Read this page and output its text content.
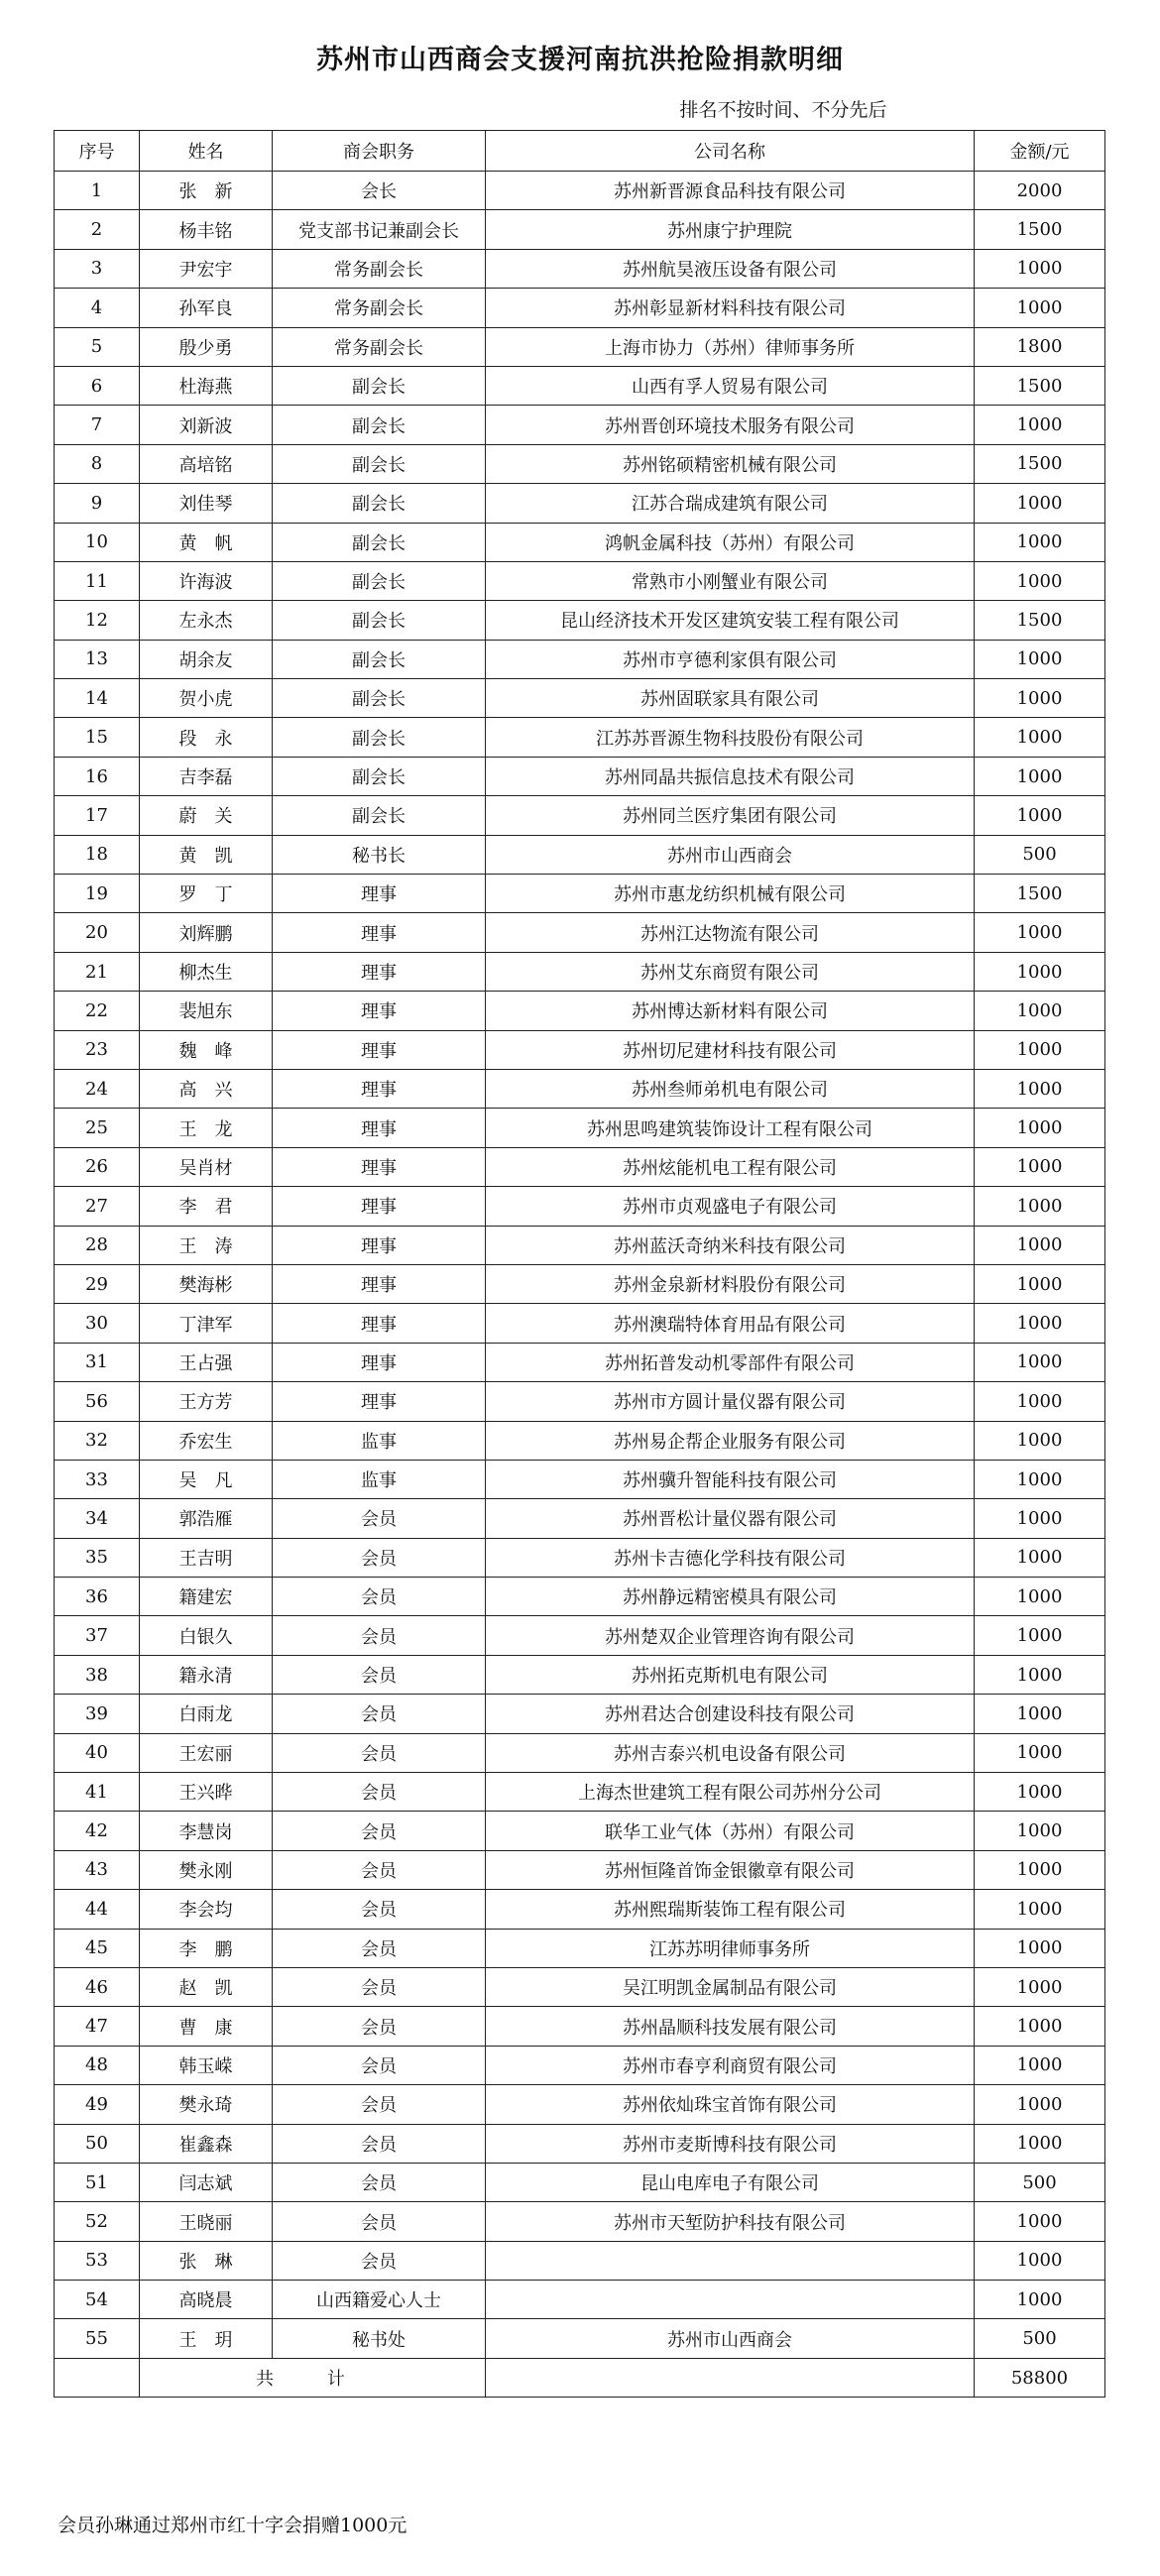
苏州市山西商会支援河南抗洪抢险捐款明细
排名不按时间、不分先后
序号	姓名	商会职务	公司名称	金额/元
1	张　新	会长	苏州新晋源食品科技有限公司	2000
2	杨丰铭	党支部书记兼副会长	苏州康宁护理院	1500
3	尹宏宇	常务副会长	苏州航昊液压设备有限公司	1000
4	孙军良	常务副会长	苏州彰显新材料科技有限公司	1000
5	殷少勇	常务副会长	上海市协力（苏州）律师事务所	1800
6	杜海燕	副会长	山西有孚人贸易有限公司	1500
7	刘新波	副会长	苏州晋创环境技术服务有限公司	1000
8	高培铭	副会长	苏州铭硕精密机械有限公司	1500
9	刘佳琴	副会长	江苏合瑞成建筑有限公司	1000
10	黄　帆	副会长	鸿帆金属科技（苏州）有限公司	1000
11	许海波	副会长	常熟市小刚蟹业有限公司	1000
12	左永杰	副会长	昆山经济技术开发区建筑安装工程有限公司	1500
13	胡余友	副会长	苏州市亨德利家俱有限公司	1000
14	贺小虎	副会长	苏州固联家具有限公司	1000
15	段　永	副会长	江苏苏晋源生物科技股份有限公司	1000
16	吉李磊	副会长	苏州同晶共振信息技术有限公司	1000
17	蔚　关	副会长	苏州同兰医疗集团有限公司	1000
18	黄　凯	秘书长	苏州市山西商会	500
19	罗　丁	理事	苏州市惠龙纺织机械有限公司	1500
20	刘辉鹏	理事	苏州江达物流有限公司	1000
21	柳杰生	理事	苏州艾东商贸有限公司	1000
22	裴旭东	理事	苏州博达新材料有限公司	1000
23	魏　峰	理事	苏州切尼建材科技有限公司	1000
24	高　兴	理事	苏州叁师弟机电有限公司	1000
25	王　龙	理事	苏州思鸣建筑装饰设计工程有限公司	1000
26	吴肖材	理事	苏州炫能机电工程有限公司	1000
27	李　君	理事	苏州市贞观盛电子有限公司	1000
28	王　涛	理事	苏州蓝沃奇纳米科技有限公司	1000
29	樊海彬	理事	苏州金泉新材料股份有限公司	1000
30	丁津军	理事	苏州澳瑞特体育用品有限公司	1000
31	王占强	理事	苏州拓普发动机零部件有限公司	1000
56	王方芳	理事	苏州市方圆计量仪器有限公司	1000
32	乔宏生	监事	苏州易企帮企业服务有限公司	1000
33	吴　凡	监事	苏州骥升智能科技有限公司	1000
34	郭浩雁	会员	苏州晋松计量仪器有限公司	1000
35	王吉明	会员	苏州卡吉德化学科技有限公司	1000
36	籍建宏	会员	苏州静远精密模具有限公司	1000
37	白银久	会员	苏州楚双企业管理咨询有限公司	1000
38	籍永清	会员	苏州拓克斯机电有限公司	1000
39	白雨龙	会员	苏州君达合创建设科技有限公司	1000
40	王宏丽	会员	苏州吉泰兴机电设备有限公司	1000
41	王兴晔	会员	上海杰世建筑工程有限公司苏州分公司	1000
42	李慧岗	会员	联华工业气体（苏州）有限公司	1000
43	樊永刚	会员	苏州恒隆首饰金银徽章有限公司	1000
44	李会均	会员	苏州熙瑞斯装饰工程有限公司	1000
45	李　鹏	会员	江苏苏明律师事务所	1000
46	赵　凯	会员	吴江明凯金属制品有限公司	1000
47	曹　康	会员	苏州晶顺科技发展有限公司	1000
48	韩玉嵘	会员	苏州市春亨利商贸有限公司	1000
49	樊永琦	会员	苏州依灿珠宝首饰有限公司	1000
50	崔鑫森	会员	苏州市麦斯博科技有限公司	1000
51	闫志斌	会员	昆山电库电子有限公司	500
52	王晓丽	会员	苏州市天堑防护科技有限公司	1000
53	张　琳	会员		1000
54	高晓晨	山西籍爱心人士		1000
55	王　玥	秘书处	苏州市山西商会	500
	共 计			58800
会员孙琳通过郑州市红十字会捐赠1000元
